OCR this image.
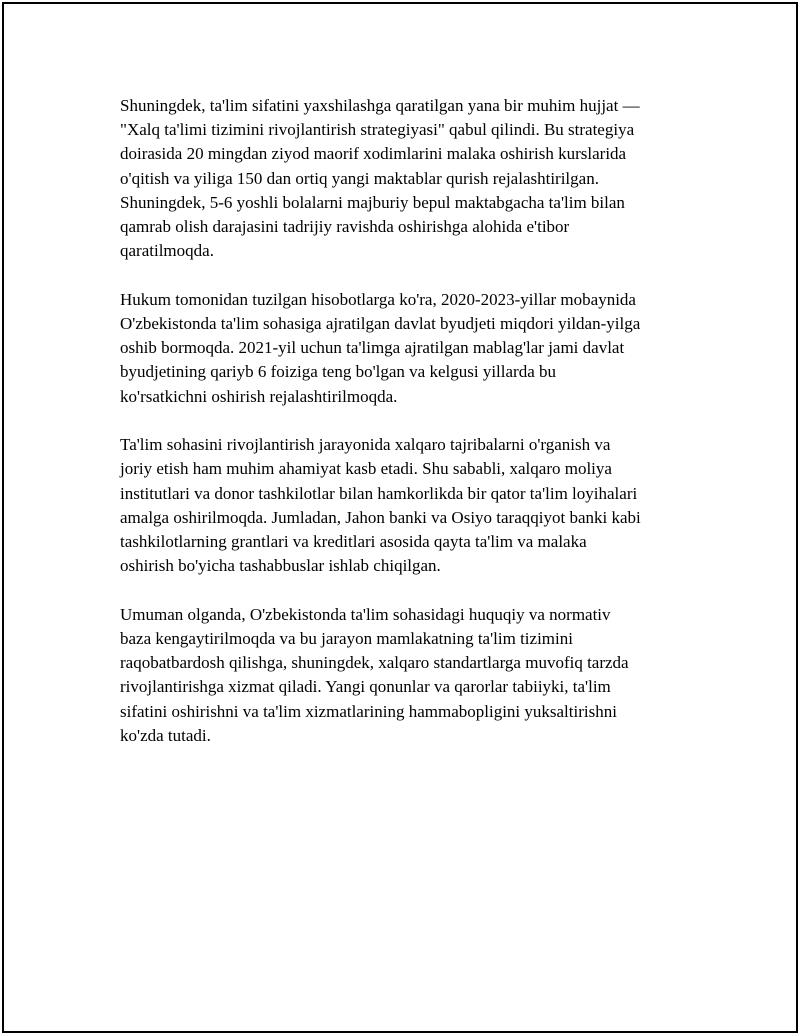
Shuningdek, ta'lim sifatini yaxshilashga qaratilgan yana bir muhim hujjat —
"Xalq ta'limi tizimini rivojlantirish strategiyasi" qabul qilindi. Bu strategiya
doirasida 20 mingdan ziyod maorif xodimlarini malaka oshirish kurslarida
o'qitish va yiliga 150 dan ortiq yangi maktablar qurish rejalashtirilgan.
Shuningdek, 5-6 yoshli bolalarni majburiy bepul maktabgacha ta'lim bilan
qamrab olish darajasini tadrijiy ravishda oshirishga alohida e'tibor
qaratilmoqda.

Hukum tomonidan tuzilgan hisobotlarga ko'ra, 2020-2023-yillar mobaynida
O'zbekistonda ta'lim sohasiga ajratilgan davlat byudjeti miqdori yildan-yilga
oshib bormoqda. 2021-yil uchun ta'limga ajratilgan mablag'lar jami davlat
byudjetining qariyb 6 foiziga teng bo'lgan va kelgusi yillarda bu
ko'rsatkichni oshirish rejalashtirilmoqda.

Ta'lim sohasini rivojlantirish jarayonida xalqaro tajribalarni o'rganish va
joriy etish ham muhim ahamiyat kasb etadi. Shu sababli, xalqaro moliya
institutlari va donor tashkilotlar bilan hamkorlikda bir qator ta'lim loyihalari
amalga oshirilmoqda. Jumladan, Jahon banki va Osiyo taraqqiyot banki kabi
tashkilotlarning grantlari va kreditlari asosida qayta ta'lim va malaka
oshirish bo'yicha tashabbuslar ishlab chiqilgan.

Umuman olganda, O'zbekistonda ta'lim sohasidagi huquqiy va normativ
baza kengaytirilmoqda va bu jarayon mamlakatning ta'lim tizimini
raqobatbardosh qilishga, shuningdek, xalqaro standartlarga muvofiq tarzda
rivojlantirishga xizmat qiladi. Yangi qonunlar va qarorlar tabiiyki, ta'lim
sifatini oshirishni va ta'lim xizmatlarining hammabopligini yuksaltirishni
ko'zda tutadi.
